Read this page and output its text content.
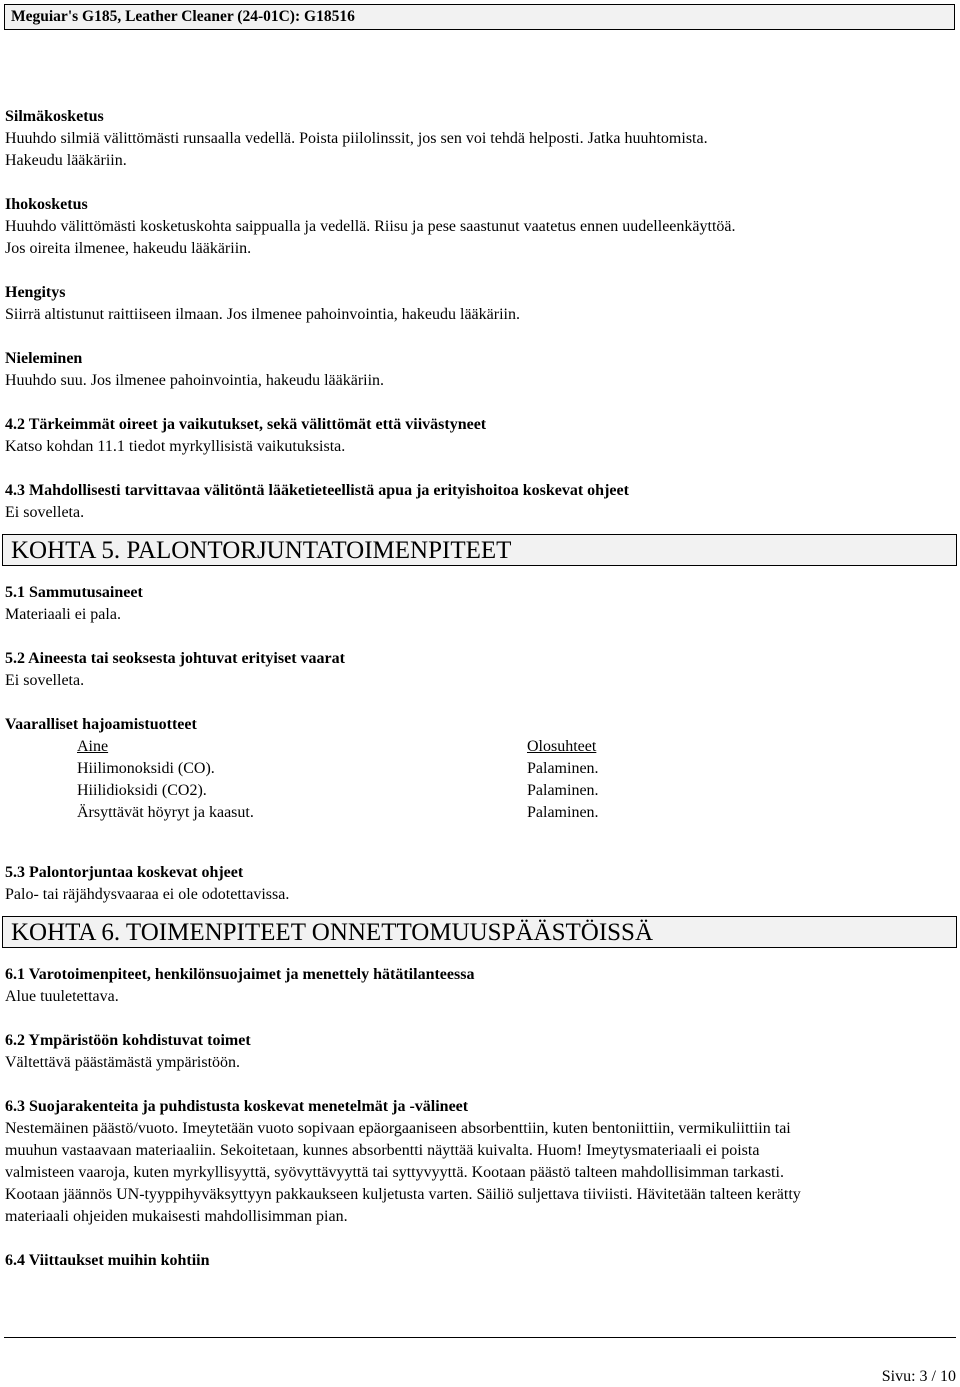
Meguiar's G185, Leather Cleaner (24-01C): G18516
Silmäkosketus
Huuhdo silmiä välittömästi runsaalla vedellä. Poista piilolinssit, jos sen voi tehdä helposti. Jatka huuhtomista.
Hakeudu lääkäriin.
Ihokosketus
Huuhdo välittömästi kosketuskohta saippualla ja vedellä. Riisu ja pese saastunut vaatetus ennen uudelleenkäyttöä.
Jos oireita ilmenee, hakeudu lääkäriin.
Hengitys
Siirrä altistunut raittiiseen ilmaan. Jos ilmenee pahoinvointia, hakeudu lääkäriin.
Nieleminen
Huuhdo suu. Jos ilmenee pahoinvointia, hakeudu lääkäriin.
4.2 Tärkeimmät oireet ja vaikutukset, sekä välittömät että viivästyneet
Katso kohdan 11.1 tiedot myrkyllisistä vaikutuksista.
4.3 Mahdollisesti tarvittavaa välitöntä lääketieteellistä apua ja erityishoitoa koskevat ohjeet
Ei sovelleta.
KOHTA 5. PALONTORJUNTATOIMENPITEET
5.1 Sammutusaineet
Materiaali ei pala.
5.2 Aineesta tai seoksesta johtuvat erityiset vaarat
Ei sovelleta.
Vaaralliset hajoamistuotteet
Aine	Olosuhteet
Hiilimonoksidi (CO).	Palaminen.
Hiilidioksidi (CO2).	Palaminen.
Ärsyttävät höyryt ja kaasut.	Palaminen.
5.3 Palontorjuntaa koskevat ohjeet
Palo- tai räjähdysvaaraa ei ole odotettavissa.
KOHTA 6. TOIMENPITEET ONNETTOMUUSPÄÄSTÖISSÄ
6.1 Varotoimenpiteet, henkilönsuojaimet ja menettely hätätilanteessa
Alue tuuletettava.
6.2 Ympäristöön kohdistuvat toimet
Vältettävä päästämästä ympäristöön.
6.3 Suojarakenteita ja puhdistusta koskevat menetelmät ja -välineet
Nestemäinen päästö/vuoto. Imeytetään vuoto sopivaan epäorgaaniseen absorbenttiin, kuten bentoniittiin, vermikuliittiin tai
muuhun vastaavaan materiaaliin. Sekoitetaan, kunnes absorbentti näyttää kuivalta. Huom! Imeytysmateriaali ei poista
valmisteen vaaroja, kuten myrkyllisyyttä, syövyttävyyttä tai syttyvyyttä. Kootaan päästö talteen mahdollisimman tarkasti.
Kootaan jäännös UN-tyyppihyväksyttyyn pakkaukseen kuljetusta varten. Säiliö suljettava tiiviisti. Hävitetään talteen kerätty
materiaali ohjeiden mukaisesti mahdollisimman pian.
6.4 Viittaukset muihin kohtiin
Sivu: 3 / 10
